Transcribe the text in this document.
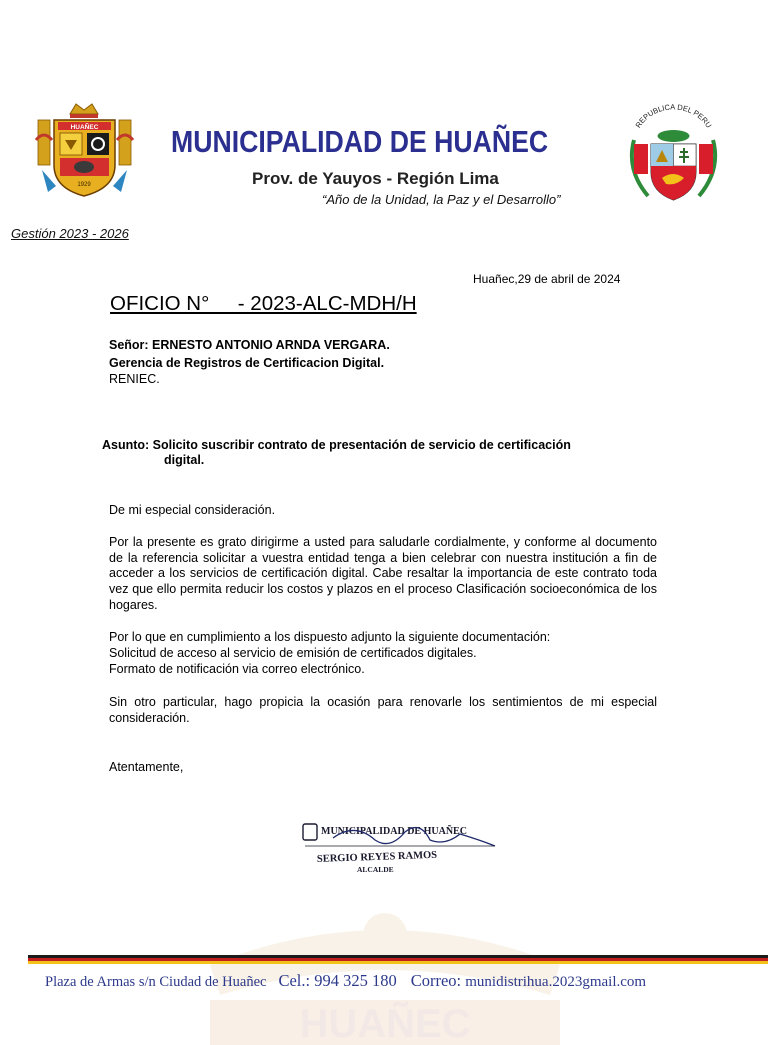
HUAÑEC
HUAÑEC
1929
MUNICIPALIDAD DE HUAÑEC
Prov. de Yauyos - Región Lima
“Año de la Unidad, la Paz y el Desarrollo”
Gestión 2023 - 2026
REPUBLICA DEL PERU
Huañec,29 de abril de 2024
OFICIO N°     - 2023-ALC-MDH/H
Señor: ERNESTO ANTONIO ARNDA VERGARA.
Gerencia de Registros de Certificacion Digital.
RENIEC.
Asunto: Solicito suscribir contrato de presentación de servicio de certificación
digital.
De mi especial consideración.
Por la presente es grato dirigirme a usted para saludarle cordialmente, y conforme al documento de la referencia solicitar a vuestra entidad tenga a bien celebrar con nuestra institución a fin de acceder a los servicios de certificación digital. Cabe resaltar la importancia de este contrato toda vez que ello permita reducir los costos y plazos en el proceso Clasificación socioeconómica de los hogares.
Por lo que en cumplimiento a los dispuesto adjunto la siguiente documentación:
Solicitud de acceso al servicio de emisión de certificados digitales.
Formato de notificación via correo electrónico.
Sin otro particular, hago propicia la ocasión para renovarle los sentimientos de mi especial consideración.
Atentamente,
MUNICIPALIDAD DE HUAÑEC
SERGIO REYES RAMOS
ALCALDE
Plaza de Armas s/n Ciudad de Huañec Cel.: 994 325 180 Correo: munidistrihua.2023gmail.com
